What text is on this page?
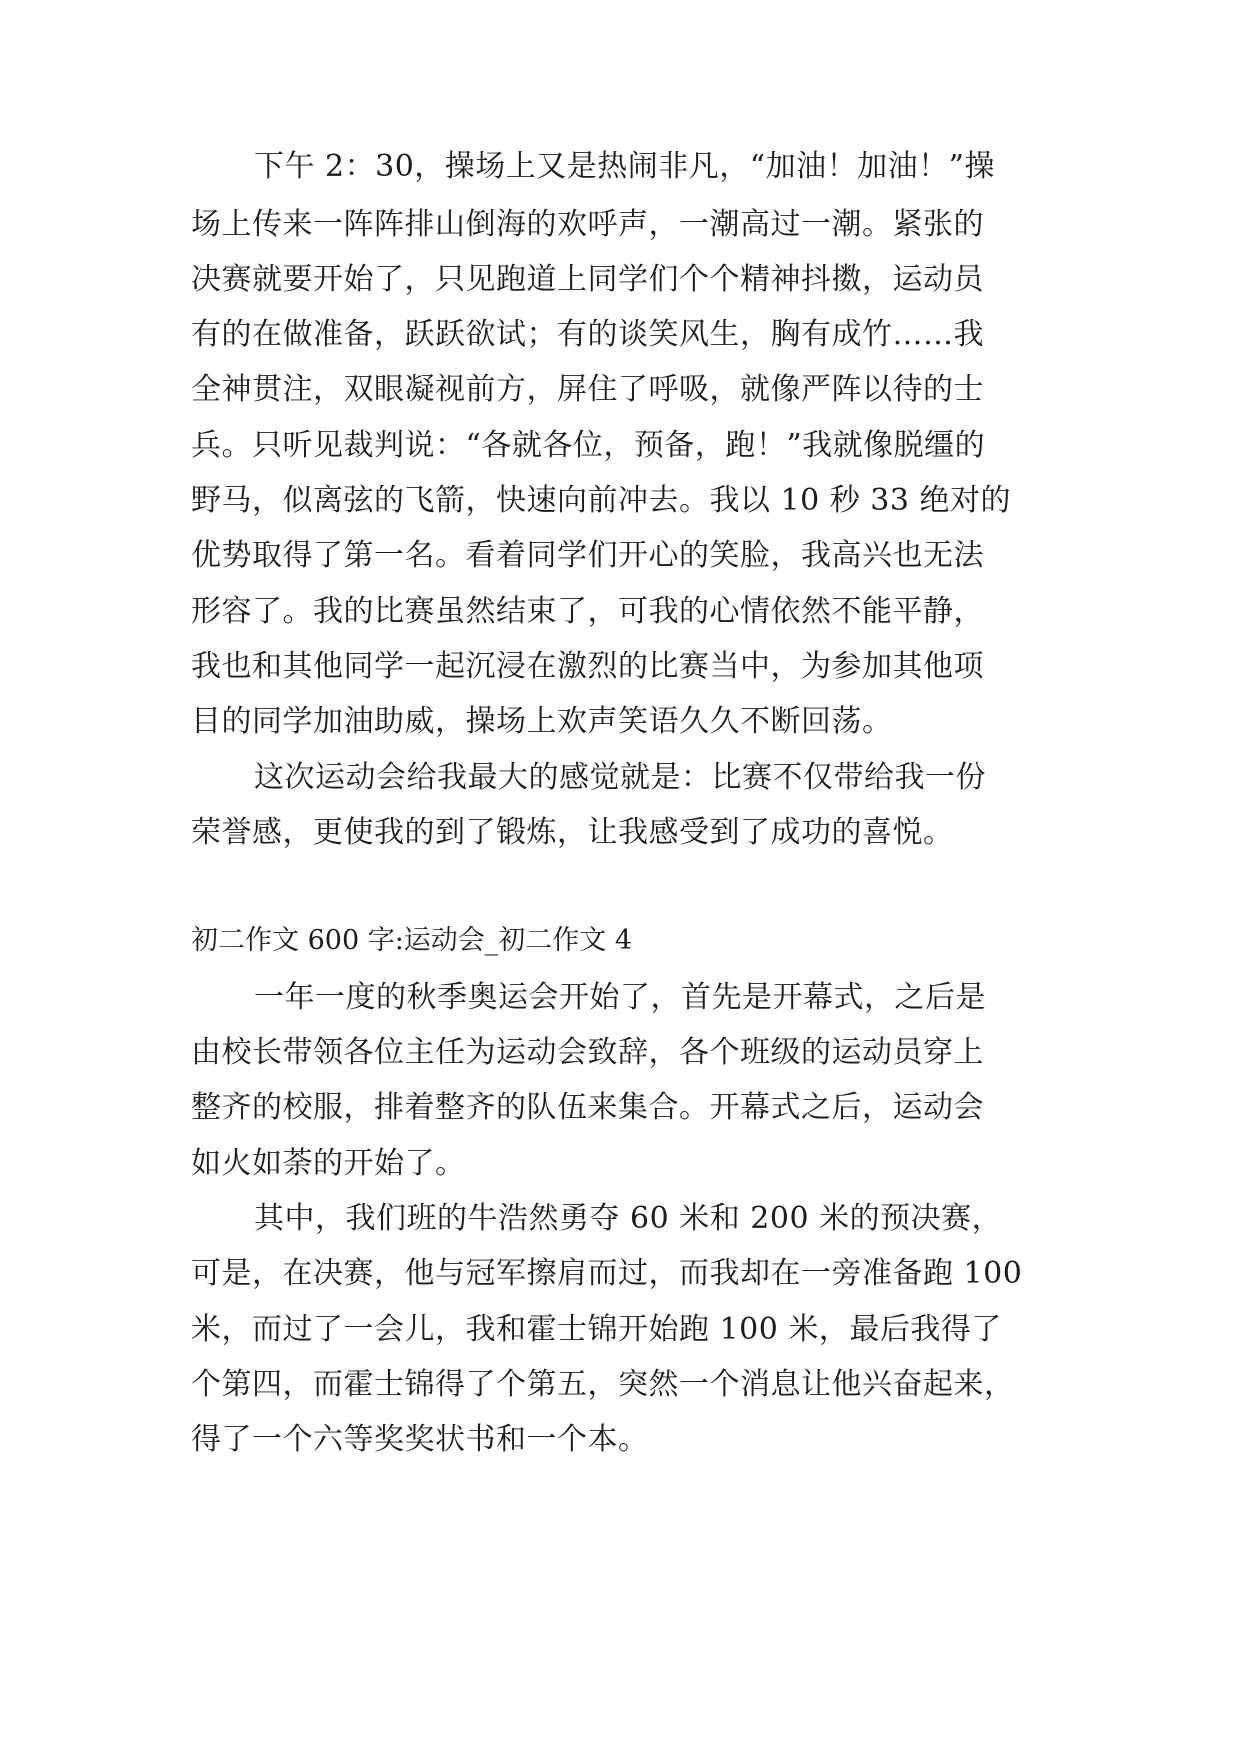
下午 2：30，操场上又是热闹非凡，“加油！加油！”操
场上传来一阵阵排山倒海的欢呼声，一潮高过一潮。紧张的
决赛就要开始了，只见跑道上同学们个个精神抖擞，运动员
有的在做准备，跃跃欲试；有的谈笑风生，胸有成竹……我
全神贯注，双眼凝视前方，屏住了呼吸，就像严阵以待的士
兵。只听见裁判说：“各就各位，预备，跑！”我就像脱缰的
野马，似离弦的飞箭，快速向前冲去。我以 10 秒 33 绝对的
优势取得了第一名。看着同学们开心的笑脸，我高兴也无法
形容了。我的比赛虽然结束了，可我的心情依然不能平静，
我也和其他同学一起沉浸在激烈的比赛当中，为参加其他项
目的同学加油助威，操场上欢声笑语久久不断回荡。
这次运动会给我最大的感觉就是：比赛不仅带给我一份
荣誉感，更使我的到了锻炼，让我感受到了成功的喜悦。
初二作文 600 字:运动会_初二作文 4
一年一度的秋季奥运会开始了，首先是开幕式，之后是
由校长带领各位主任为运动会致辞，各个班级的运动员穿上
整齐的校服，排着整齐的队伍来集合。开幕式之后，运动会
如火如荼的开始了。
其中，我们班的牛浩然勇夺 60 米和 200 米的预决赛，
可是，在决赛，他与冠军擦肩而过，而我却在一旁准备跑 100
米，而过了一会儿，我和霍士锦开始跑 100 米，最后我得了
个第四，而霍士锦得了个第五，突然一个消息让他兴奋起来，
得了一个六等奖奖状书和一个本。
